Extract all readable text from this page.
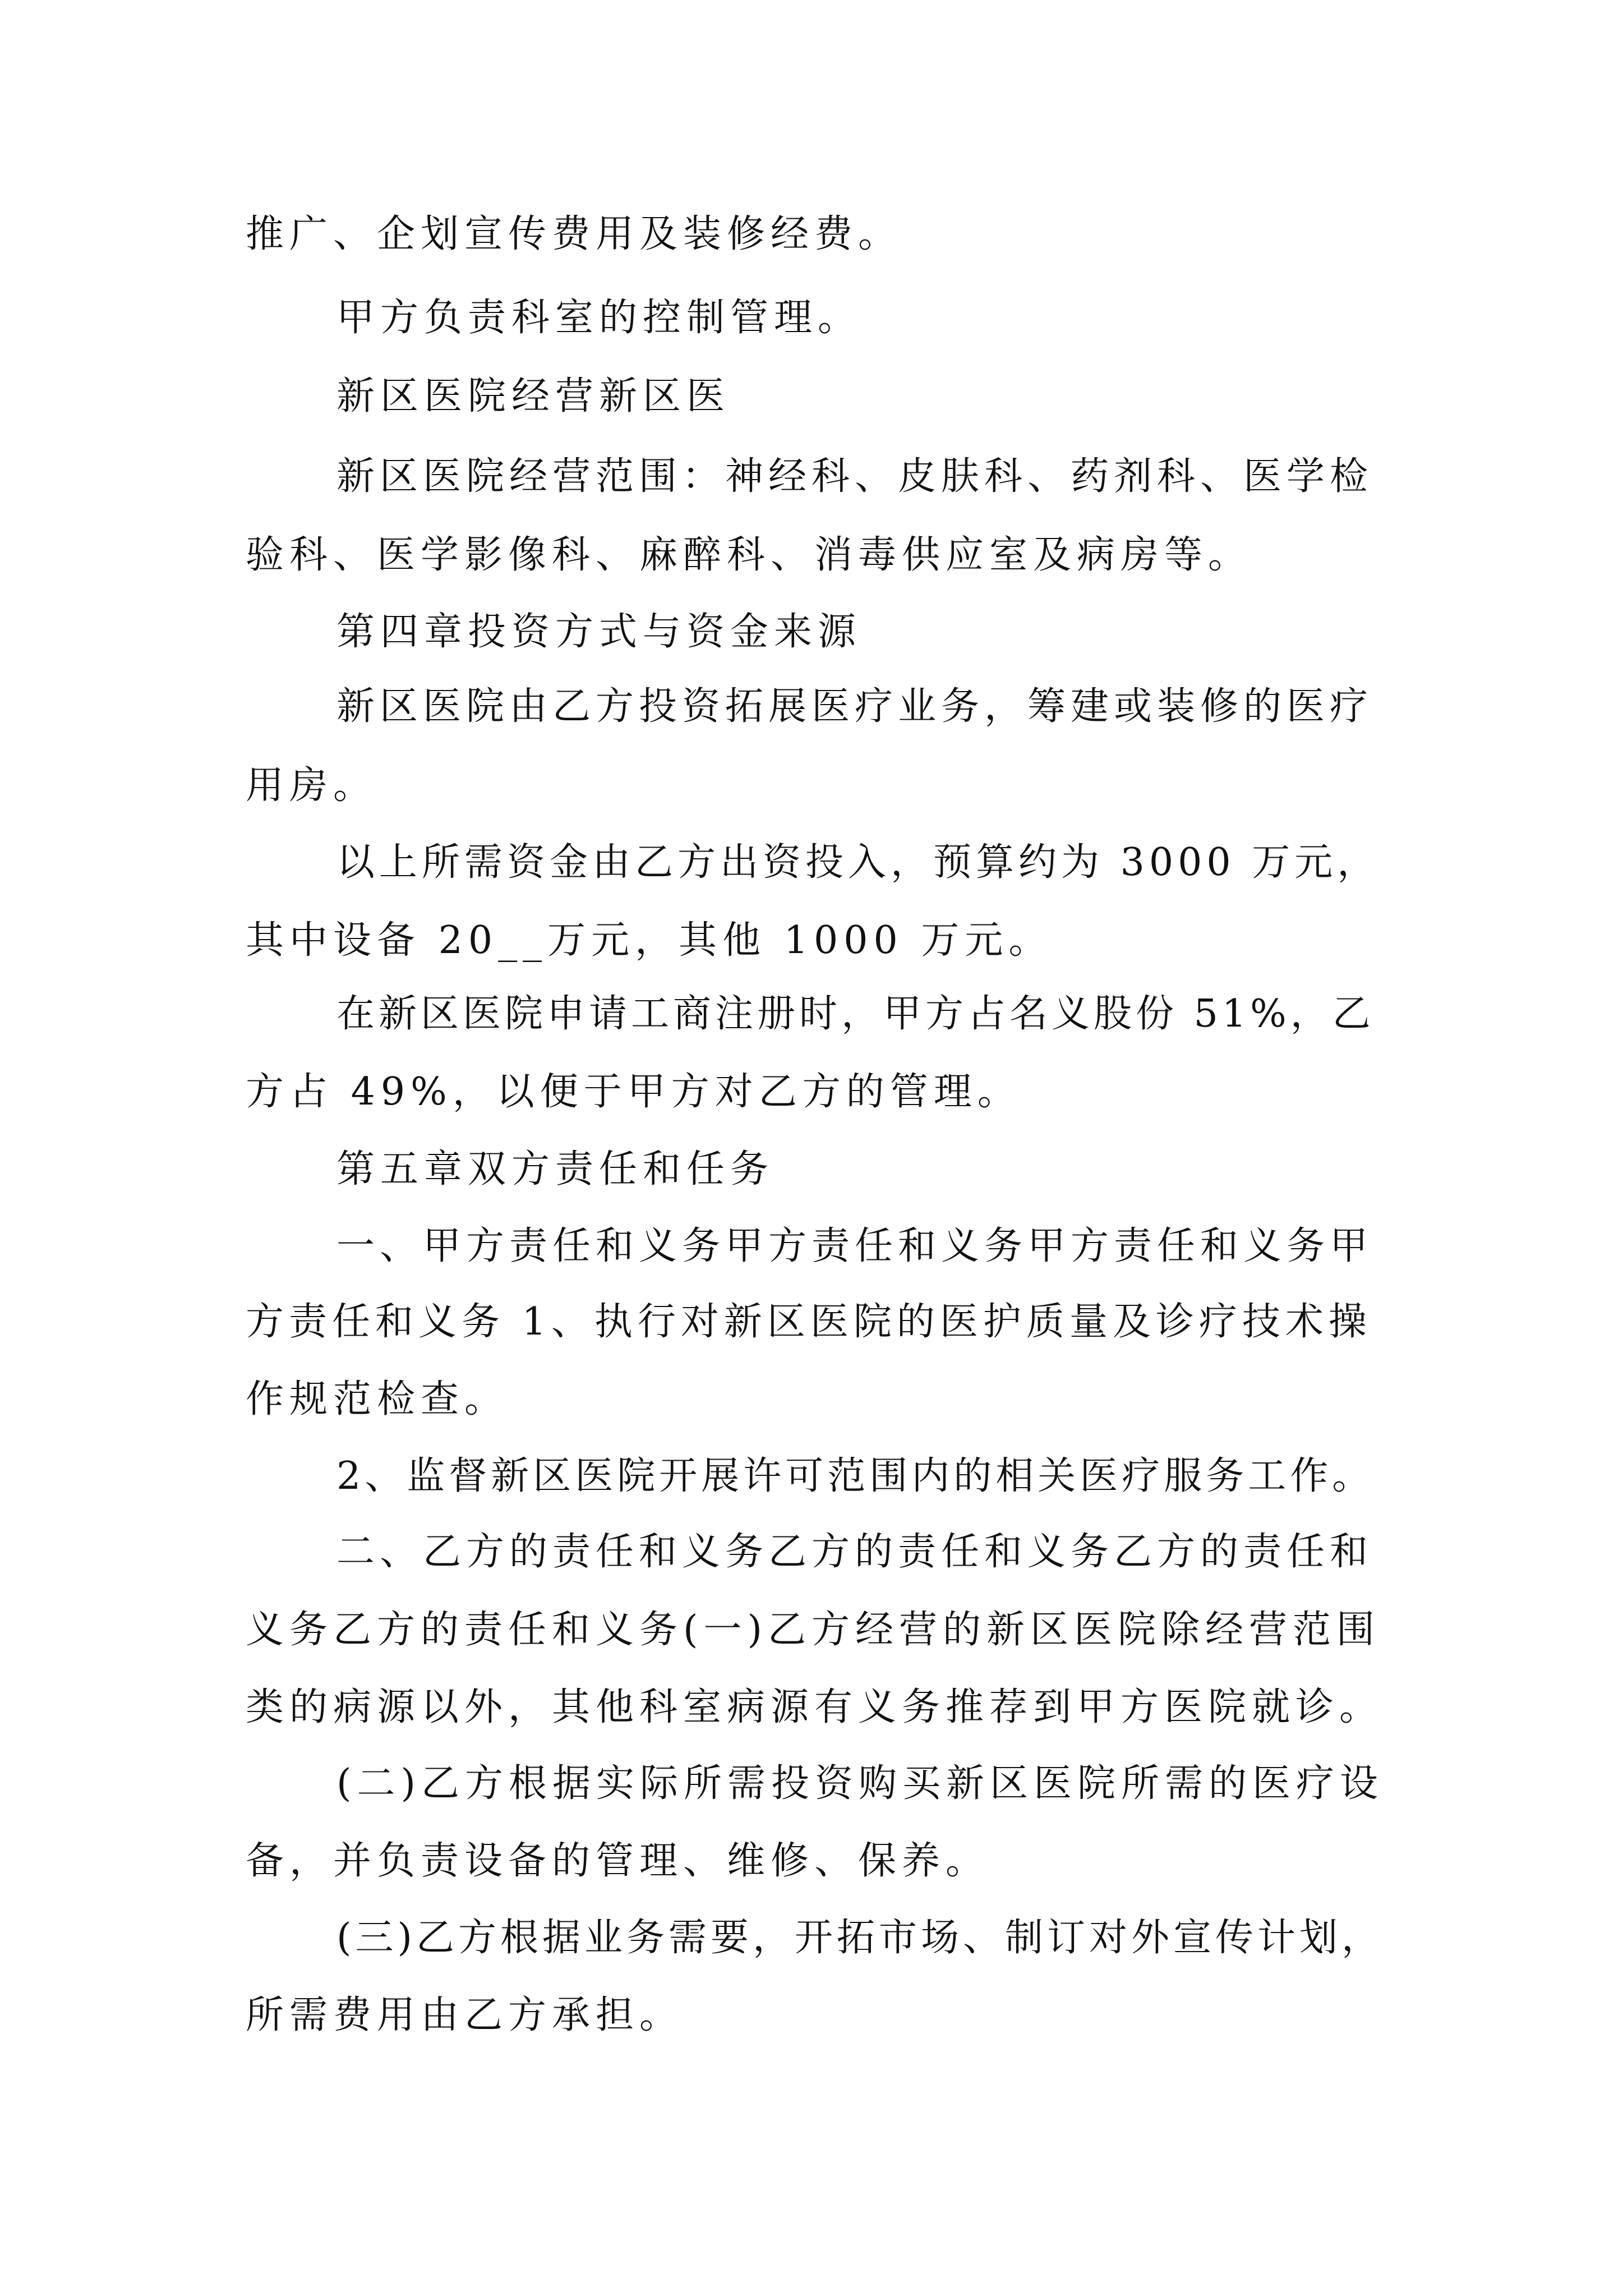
推广、企划宣传费用及装修经费。
甲方负责科室的控制管理。
新区医院经营新区医
新区医院经营范围：神经科、皮肤科、药剂科、医学检
验科、医学影像科、麻醉科、消毒供应室及病房等。
第四章投资方式与资金来源
新区医院由乙方投资拓展医疗业务，筹建或装修的医疗
用房。
以上所需资金由乙方出资投入，预算约为 3000 万元，
其中设备 20__万元，其他 1000 万元。
在新区医院申请工商注册时，甲方占名义股份 51%，乙
方占 49%，以便于甲方对乙方的管理。
第五章双方责任和任务
一、甲方责任和义务甲方责任和义务甲方责任和义务甲
方责任和义务 1、执行对新区医院的医护质量及诊疗技术操
作规范检查。
2、监督新区医院开展许可范围内的相关医疗服务工作。
二、乙方的责任和义务乙方的责任和义务乙方的责任和
义务乙方的责任和义务(一)乙方经营的新区医院除经营范围
类的病源以外，其他科室病源有义务推荐到甲方医院就诊。
(二)乙方根据实际所需投资购买新区医院所需的医疗设
备，并负责设备的管理、维修、保养。
(三)乙方根据业务需要，开拓市场、制订对外宣传计划，
所需费用由乙方承担。
